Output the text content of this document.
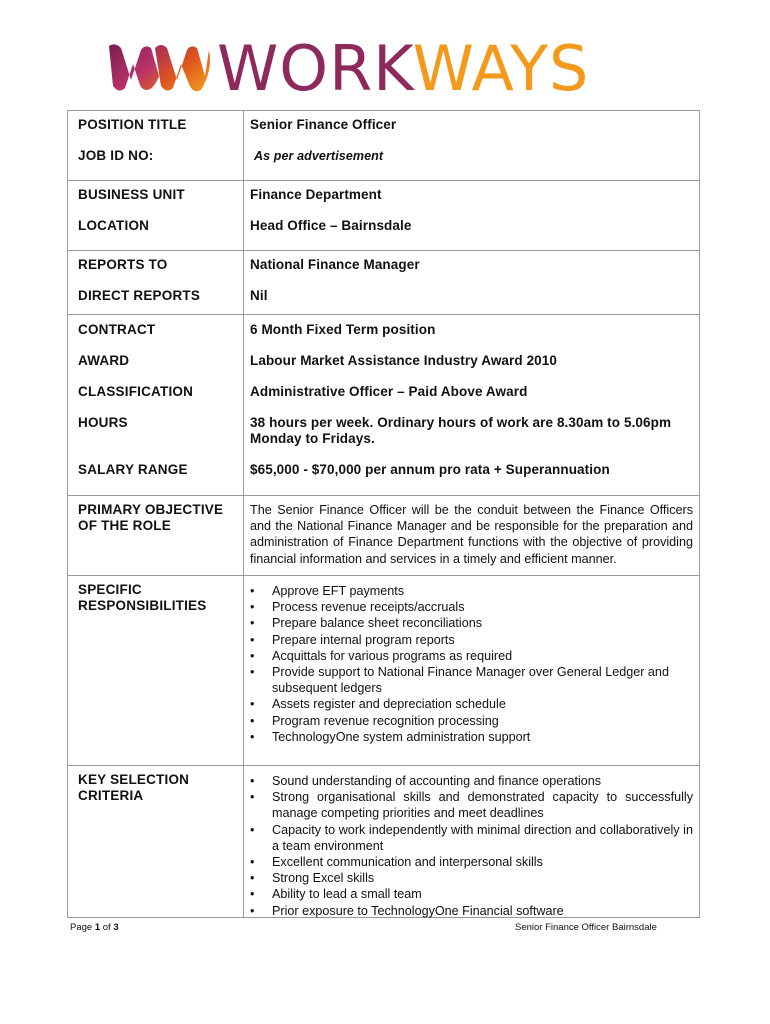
WORKWAYS
POSITION TITLE	Senior Finance Officer
JOB ID NO:	As per advertisement
BUSINESS UNIT	Finance Department
LOCATION	Head Office – Bairnsdale
REPORTS TO	National Finance Manager
DIRECT REPORTS	Nil
CONTRACT	6 Month Fixed Term position
AWARD	Labour Market Assistance Industry Award 2010
CLASSIFICATION	Administrative Officer – Paid Above Award
HOURS	38 hours per week. Ordinary hours of work are 8.30am to 5.06pm
Monday to Fridays.
SALARY RANGE	$65,000 - $70,000 per annum pro rata + Superannuation
PRIMARY OBJECTIVE
OF THE ROLE
The Senior Finance Officer will be the conduit between the Finance Officers and the National Finance Manager and be responsible for the preparation and administration of Finance Department functions with the objective of providing financial information and services in a timely and efficient manner.
SPECIFIC
RESPONSIBILITIES
• Approve EFT payments
• Process revenue receipts/accruals
• Prepare balance sheet reconciliations
• Prepare internal program reports
• Acquittals for various programs as required
• Provide support to National Finance Manager over General Ledger and subsequent ledgers
• Assets register and depreciation schedule
• Program revenue recognition processing
• TechnologyOne system administration support
KEY SELECTION
CRITERIA
• Sound understanding of accounting and finance operations
• Strong organisational skills and demonstrated capacity to successfully manage competing priorities and meet deadlines
• Capacity to work independently with minimal direction and collaboratively in a team environment
• Excellent communication and interpersonal skills
• Strong Excel skills
• Ability to lead a small team
• Prior exposure to TechnologyOne Financial software
Page 1 of 3	Senior Finance Officer Bairnsdale
